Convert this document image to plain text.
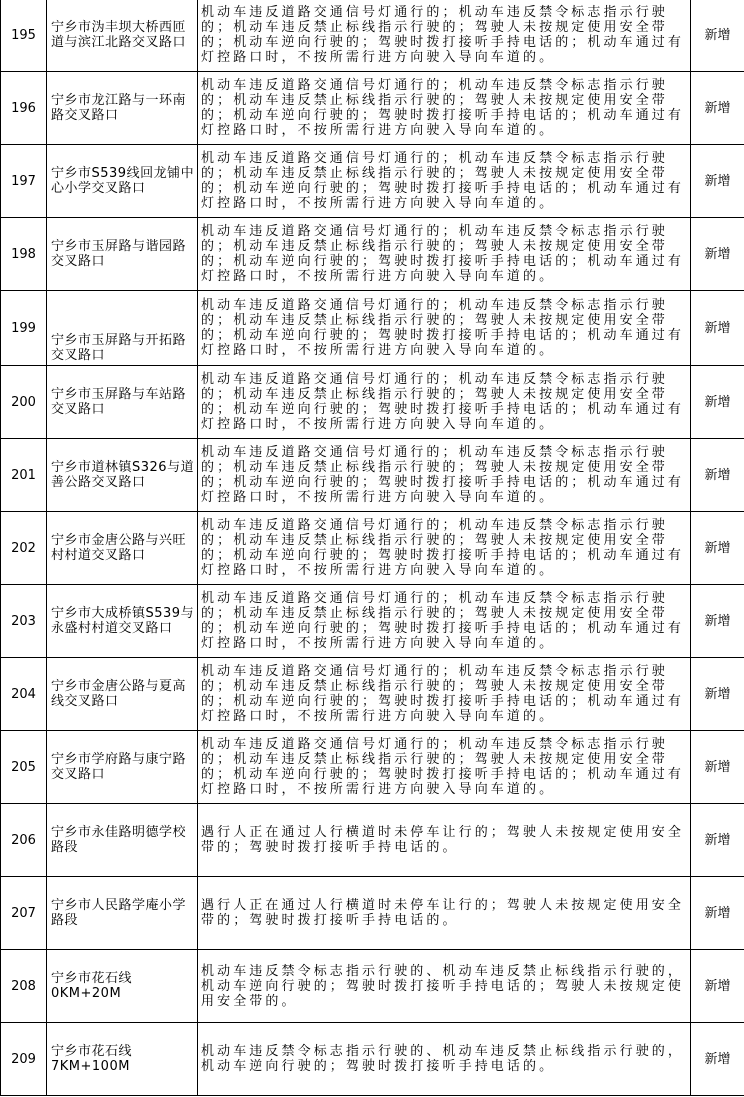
195	宁乡市沩丰坝大桥西匝道与滨江北路交叉路口	机动车违反道路交通信号灯通行的；机动车违反禁令标志指示行驶的；机动车违反禁止标线指示行驶的；驾驶人未按规定使用安全带的；机动车逆向行驶的；驾驶时拨打接听手持电话的；机动车通过有灯控路口时，不按所需行进方向驶入导向车道的。	新增
196	宁乡市龙江路与一环南路交叉路口	机动车违反道路交通信号灯通行的；机动车违反禁令标志指示行驶的；机动车违反禁止标线指示行驶的；驾驶人未按规定使用安全带的；机动车逆向行驶的；驾驶时拨打接听手持电话的；机动车通过有灯控路口时，不按所需行进方向驶入导向车道的。	新增
197	宁乡市S539线回龙铺中心小学交叉路口	机动车违反道路交通信号灯通行的；机动车违反禁令标志指示行驶的；机动车违反禁止标线指示行驶的；驾驶人未按规定使用安全带的；机动车逆向行驶的；驾驶时拨打接听手持电话的；机动车通过有灯控路口时，不按所需行进方向驶入导向车道的。	新增
198	宁乡市玉屏路与谐园路交叉路口	机动车违反道路交通信号灯通行的；机动车违反禁令标志指示行驶的；机动车违反禁止标线指示行驶的；驾驶人未按规定使用安全带的；机动车逆向行驶的；驾驶时拨打接听手持电话的；机动车通过有灯控路口时，不按所需行进方向驶入导向车道的。	新增
199	宁乡市玉屏路与开拓路交叉路口	机动车违反道路交通信号灯通行的；机动车违反禁令标志指示行驶的；机动车违反禁止标线指示行驶的；驾驶人未按规定使用安全带的；机动车逆向行驶的；驾驶时拨打接听手持电话的；机动车通过有灯控路口时，不按所需行进方向驶入导向车道的。	新增
200	宁乡市玉屏路与车站路交叉路口	机动车违反道路交通信号灯通行的；机动车违反禁令标志指示行驶的；机动车违反禁止标线指示行驶的；驾驶人未按规定使用安全带的；机动车逆向行驶的；驾驶时拨打接听手持电话的；机动车通过有灯控路口时，不按所需行进方向驶入导向车道的。	新增
201	宁乡市道林镇S326与道善公路交叉路口	机动车违反道路交通信号灯通行的；机动车违反禁令标志指示行驶的；机动车违反禁止标线指示行驶的；驾驶人未按规定使用安全带的；机动车逆向行驶的；驾驶时拨打接听手持电话的；机动车通过有灯控路口时，不按所需行进方向驶入导向车道的。	新增
202	宁乡市金唐公路与兴旺村村道交叉路口	机动车违反道路交通信号灯通行的；机动车违反禁令标志指示行驶的；机动车违反禁止标线指示行驶的；驾驶人未按规定使用安全带的；机动车逆向行驶的；驾驶时拨打接听手持电话的；机动车通过有灯控路口时，不按所需行进方向驶入导向车道的。	新增
203	宁乡市大成桥镇S539与永盛村村道交叉路口	机动车违反道路交通信号灯通行的；机动车违反禁令标志指示行驶的；机动车违反禁止标线指示行驶的；驾驶人未按规定使用安全带的；机动车逆向行驶的；驾驶时拨打接听手持电话的；机动车通过有灯控路口时，不按所需行进方向驶入导向车道的。	新增
204	宁乡市金唐公路与夏高线交叉路口	机动车违反道路交通信号灯通行的；机动车违反禁令标志指示行驶的；机动车违反禁止标线指示行驶的；驾驶人未按规定使用安全带的；机动车逆向行驶的；驾驶时拨打接听手持电话的；机动车通过有灯控路口时，不按所需行进方向驶入导向车道的。	新增
205	宁乡市学府路与康宁路交叉路口	机动车违反道路交通信号灯通行的；机动车违反禁令标志指示行驶的；机动车违反禁止标线指示行驶的；驾驶人未按规定使用安全带的；机动车逆向行驶的；驾驶时拨打接听手持电话的；机动车通过有灯控路口时，不按所需行进方向驶入导向车道的。	新增
206	宁乡市永佳路明德学校路段	遇行人正在通过人行横道时未停车让行的；驾驶人未按规定使用安全带的；驾驶时拨打接听手持电话的。	新增
207	宁乡市人民路学庵小学路段	遇行人正在通过人行横道时未停车让行的；驾驶人未按规定使用安全带的；驾驶时拨打接听手持电话的。	新增
208	宁乡市花石线0KM+20M	机动车违反禁令标志指示行驶的、机动车违反禁止标线指示行驶的，机动车逆向行驶的；驾驶时拨打接听手持电话的；驾驶人未按规定使用安全带的。	新增
209	宁乡市花石线7KM+100M	机动车违反禁令标志指示行驶的、机动车违反禁止标线指示行驶的，机动车逆向行驶的；驾驶时拨打接听手持电话的。	新增
